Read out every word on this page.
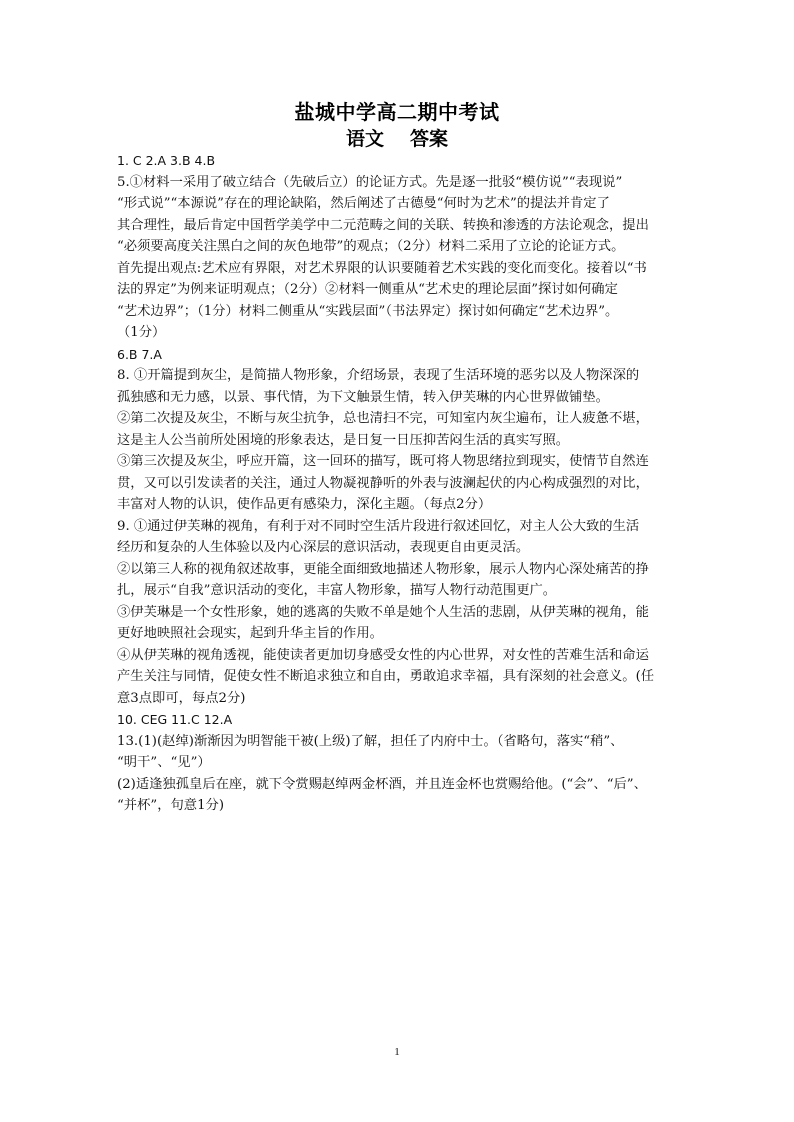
盐城中学高二期中考试
语文 答案
1. C 2.A 3.B 4.B
5.①材料一采用了破立结合（先破后立）的论证方式。先是逐一批驳“模仿说”“表现说”
“形式说”“本源说”存在的理论缺陷，然后阐述了古德曼“何时为艺术”的提法并肯定了
其合理性，最后肯定中国哲学美学中二元范畴之间的关联、转换和渗透的方法论观念，提出
“必须要高度关注黑白之间的灰色地带”的观点；（2分）材料二采用了立论的论证方式。
首先提出观点:艺术应有界限，对艺术界限的认识要随着艺术实践的变化而变化。接着以“书
法的界定”为例来证明观点；（2分）②材料一侧重从“艺术史的理论层面”探讨如何确定
“艺术边界”；（1分）材料二侧重从“实践层面”（书法界定）探讨如何确定“艺术边界”。
（1分）
6.B 7.A
8. ①开篇提到灰尘，是简描人物形象，介绍场景，表现了生活环境的恶劣以及人物深深的
孤独感和无力感，以景、事代情，为下文触景生情，转入伊芙琳的内心世界做铺垫。
②第二次提及灰尘，不断与灰尘抗争，总也清扫不完，可知室内灰尘遍布，让人疲惫不堪，
这是主人公当前所处困境的形象表达，是日复一日压抑苦闷生活的真实写照。
③第三次提及灰尘，呼应开篇，这一回环的描写，既可将人物思绪拉到现实，使情节自然连
贯，又可以引发读者的关注，通过人物凝视静听的外表与波澜起伏的内心构成强烈的对比，
丰富对人物的认识，使作品更有感染力，深化主题。（每点2分）
9. ①通过伊芙琳的视角，有利于对不同时空生活片段进行叙述回忆，对主人公大致的生活
经历和复杂的人生体验以及内心深层的意识活动，表现更自由更灵活。
②以第三人称的视角叙述故事，更能全面细致地描述人物形象，展示人物内心深处痛苦的挣
扎，展示“自我”意识活动的变化，丰富人物形象，描写人物行动范围更广。
③伊芙琳是一个女性形象，她的逃离的失败不单是她个人生活的悲剧，从伊芙琳的视角，能
更好地映照社会现实，起到升华主旨的作用。
④从伊芙琳的视角透视，能使读者更加切身感受女性的内心世界，对女性的苦难生活和命运
产生关注与同情，促使女性不断追求独立和自由，勇敢追求幸福，具有深刻的社会意义。(任
意3点即可，每点2分)
10. CEG 11.C 12.A
13.(1)(赵绰)渐渐因为明智能干被(上级)了解，担任了内府中士。（省略句，落实“稍”、
“明干”、“见”）
(2)适逢独孤皇后在座，就下令赏赐赵绰两金杯酒，并且连金杯也赏赐给他。(“会”、“后”、
“并杯”，句意1分)
1
